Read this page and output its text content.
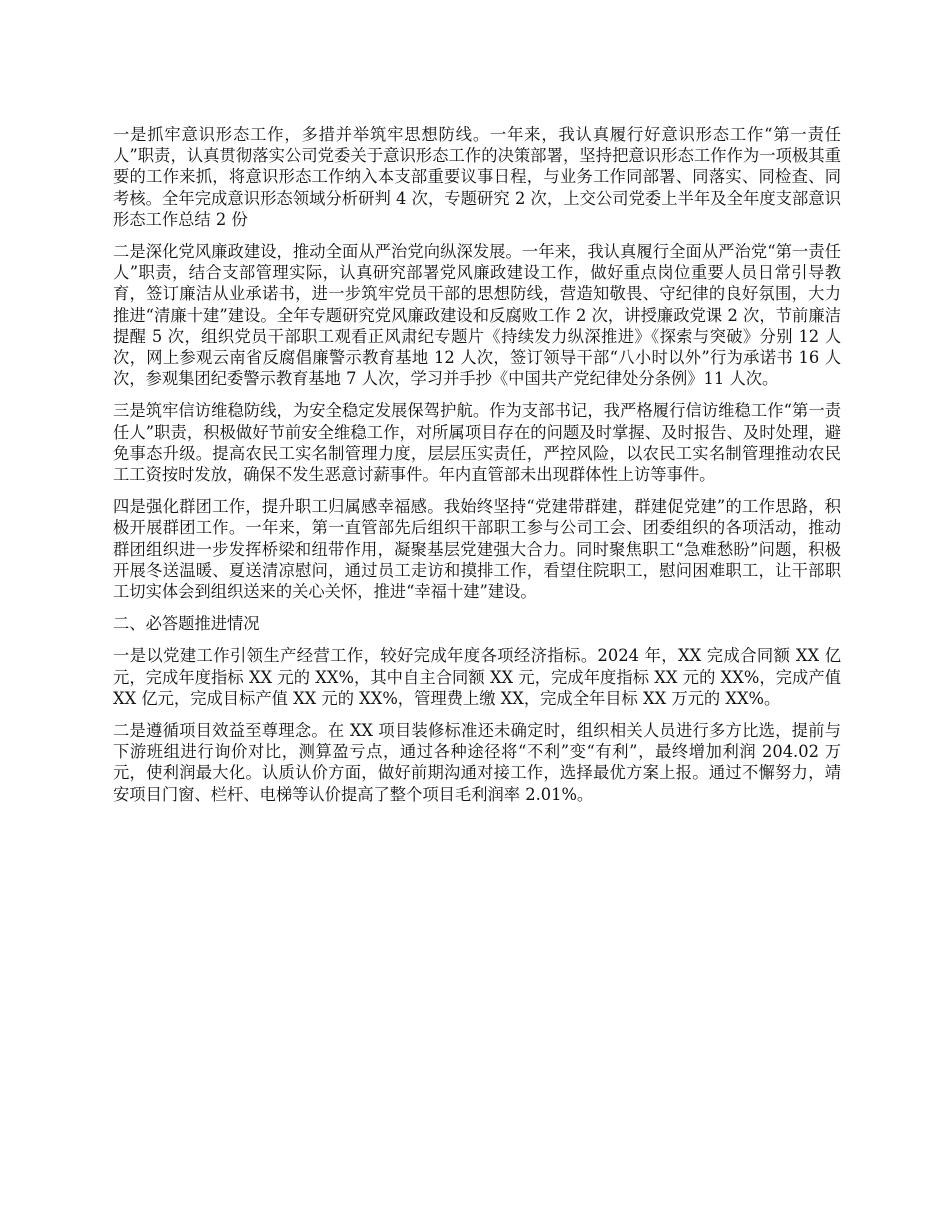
一是抓牢意识形态工作，多措并举筑牢思想防线。一年来，我认真履行好意识形态工作“第一责任人”职责，认真贯彻落实公司党委关于意识形态工作的决策部署，坚持把意识形态工作作为一项极其重要的工作来抓，将意识形态工作纳入本支部重要议事日程，与业务工作同部署、同落实、同检查、同考核。全年完成意识形态领域分析研判 4 次，专题研究 2 次，上交公司党委上半年及全年度支部意识形态工作总结 2 份

二是深化党风廉政建设，推动全面从严治党向纵深发展。一年来，我认真履行全面从严治党“第一责任人”职责，结合支部管理实际，认真研究部署党风廉政建设工作，做好重点岗位重要人员日常引导教育，签订廉洁从业承诺书，进一步筑牢党员干部的思想防线，营造知敬畏、守纪律的良好氛围，大力推进“清廉十建”建设。全年专题研究党风廉政建设和反腐败工作 2 次，讲授廉政党课 2 次，节前廉洁提醒 5 次，组织党员干部职工观看正风肃纪专题片《持续发力纵深推进》《探索与突破》分别 12 人次，网上参观云南省反腐倡廉警示教育基地 12 人次，签订领导干部“八小时以外”行为承诺书 16 人次，参观集团纪委警示教育基地 7 人次，学习并手抄《中国共产党纪律处分条例》11 人次。

三是筑牢信访维稳防线，为安全稳定发展保驾护航。作为支部书记，我严格履行信访维稳工作“第一责任人”职责，积极做好节前安全维稳工作，对所属项目存在的问题及时掌握、及时报告、及时处理，避免事态升级。提高农民工实名制管理力度，层层压实责任，严控风险，以农民工实名制管理推动农民工工资按时发放，确保不发生恶意讨薪事件。年内直管部未出现群体性上访等事件。

四是强化群团工作，提升职工归属感幸福感。我始终坚持“党建带群建，群建促党建”的工作思路，积极开展群团工作。一年来，第一直管部先后组织干部职工参与公司工会、团委组织的各项活动，推动群团组织进一步发挥桥梁和纽带作用，凝聚基层党建强大合力。同时聚焦职工“急难愁盼”问题，积极开展冬送温暖、夏送清凉慰问，通过员工走访和摸排工作，看望住院职工，慰问困难职工，让干部职工切实体会到组织送来的关心关怀，推进“幸福十建”建设。

二、必答题推进情况

一是以党建工作引领生产经营工作，较好完成年度各项经济指标。2024 年，XX 完成合同额 XX 亿元，完成年度指标 XX 元的 XX%，其中自主合同额 XX 元，完成年度指标 XX 元的 XX%，完成产值 XX 亿元，完成目标产值 XX 元的 XX%，管理费上缴 XX，完成全年目标 XX 万元的 XX%。

二是遵循项目效益至尊理念。在 XX 项目装修标准还未确定时，组织相关人员进行多方比选，提前与下游班组进行询价对比，测算盈亏点，通过各种途径将“不利”变“有利”，最终增加利润 204.02 万元，使利润最大化。认质认价方面，做好前期沟通对接工作，选择最优方案上报。通过不懈努力，靖安项目门窗、栏杆、电梯等认价提高了整个项目毛利润率 2.01%。
